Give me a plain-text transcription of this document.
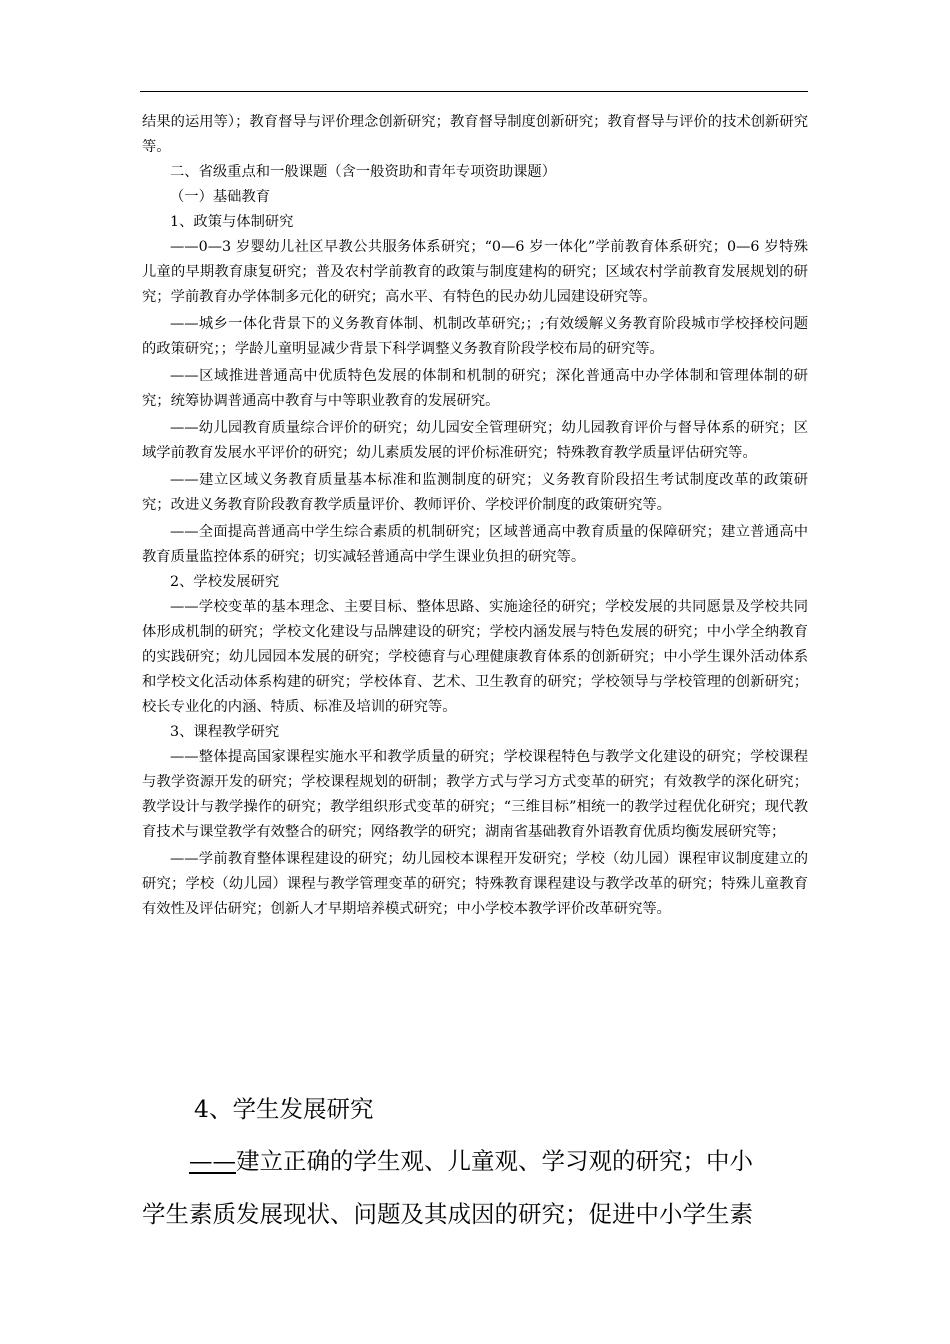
结果的运用等）；教育督导与评价理念创新研究；教育督导制度创新研究；教育督导与评价的技术创新研究等。

二、省级重点和一般课题（含一般资助和青年专项资助课题）

（一）基础教育

1、政策与体制研究

——0—3 岁婴幼儿社区早教公共服务体系研究；“0—6 岁一体化”学前教育体系研究；0—6 岁特殊儿童的早期教育康复研究；普及农村学前教育的政策与制度建构的研究；区域农村学前教育发展规划的研究；学前教育办学体制多元化的研究；高水平、有特色的民办幼儿园建设研究等。

——城乡一体化背景下的义务教育体制、机制改革研究;；;有效缓解义务教育阶段城市学校择校问题的政策研究；；学龄儿童明显减少背景下科学调整义务教育阶段学校布局的研究等。

——区域推进普通高中优质特色发展的体制和机制的研究；深化普通高中办学体制和管理体制的研究；统筹协调普通高中教育与中等职业教育的发展研究。

——幼儿园教育质量综合评价的研究；幼儿园安全管理研究；幼儿园教育评价与督导体系的研究；区域学前教育发展水平评价的研究；幼儿素质发展的评价标准研究；特殊教育教学质量评估研究等。

——建立区域义务教育质量基本标准和监测制度的研究；义务教育阶段招生考试制度改革的政策研究；改进义务教育阶段教育教学质量评价、教师评价、学校评价制度的政策研究等。

——全面提高普通高中学生综合素质的机制研究；区域普通高中教育质量的保障研究；建立普通高中教育质量监控体系的研究；切实减轻普通高中学生课业负担的研究等。

2、学校发展研究

——学校变革的基本理念、主要目标、整体思路、实施途径的研究；学校发展的共同愿景及学校共同体形成机制的研究；学校文化建设与品牌建设的研究；学校内涵发展与特色发展的研究；中小学全纳教育的实践研究；幼儿园园本发展的研究；学校德育与心理健康教育体系的创新研究；中小学生课外活动体系和学校文化活动体系构建的研究；学校体育、艺术、卫生教育的研究；学校领导与学校管理的创新研究；校长专业化的内涵、特质、标准及培训的研究等。

3、课程教学研究

——整体提高国家课程实施水平和教学质量的研究；学校课程特色与教学文化建设的研究；学校课程与教学资源开发的研究；学校课程规划的研制；教学方式与学习方式变革的研究；有效教学的深化研究；教学设计与教学操作的研究；教学组织形式变革的研究；“三维目标”相统一的教学过程优化研究；现代教育技术与课堂教学有效整合的研究；网络教学的研究；湖南省基础教育外语教育优质均衡发展研究等；

——学前教育整体课程建设的研究；幼儿园校本课程开发研究；学校（幼儿园）课程审议制度建立的研究；学校（幼儿园）课程与教学管理变革的研究；特殊教育课程建设与教学改革的研究；特殊儿童教育有效性及评估研究；创新人才早期培养模式研究；中小学校本教学评价改革研究等。

4、学生发展研究

——建立正确的学生观、儿童观、学习观的研究；中小

学生素质发展现状、问题及其成因的研究；促进中小学生素
